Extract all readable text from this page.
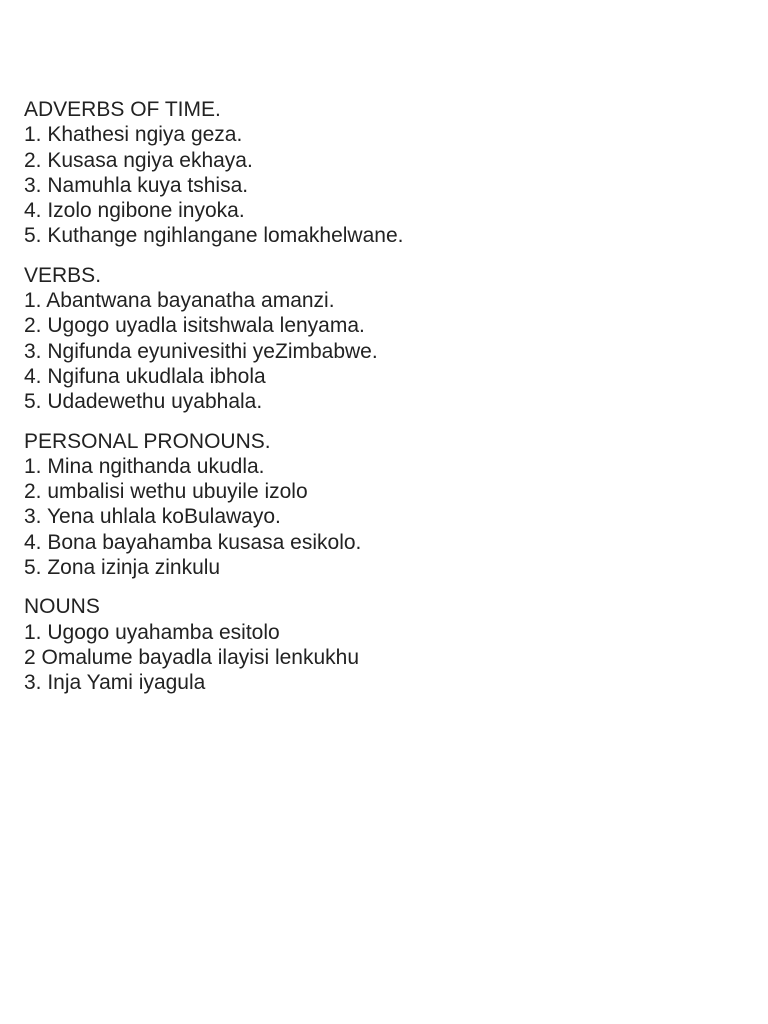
ADVERBS OF TIME.
1. Khathesi ngiya geza.
2. Kusasa ngiya ekhaya.
3. Namuhla kuya tshisa.
4. Izolo ngibone inyoka.
5. Kuthange ngihlangane lomakhelwane.
VERBS.
1. Abantwana bayanatha amanzi.
2. Ugogo uyadla isitshwala lenyama.
3. Ngifunda eyunivesithi yeZimbabwe.
4. Ngifuna ukudlala ibhola
5. Udadewethu uyabhala.
PERSONAL PRONOUNS.
1. Mina ngithanda ukudla.
2. umbalisi wethu ubuyile izolo
3. Yena uhlala koBulawayo.
4. Bona bayahamba kusasa esikolo.
5. Zona izinja zinkulu
NOUNS
1. Ugogo uyahamba esitolo
2 Omalume bayadla ilayisi lenkukhu
3. Inja Yami iyagula
